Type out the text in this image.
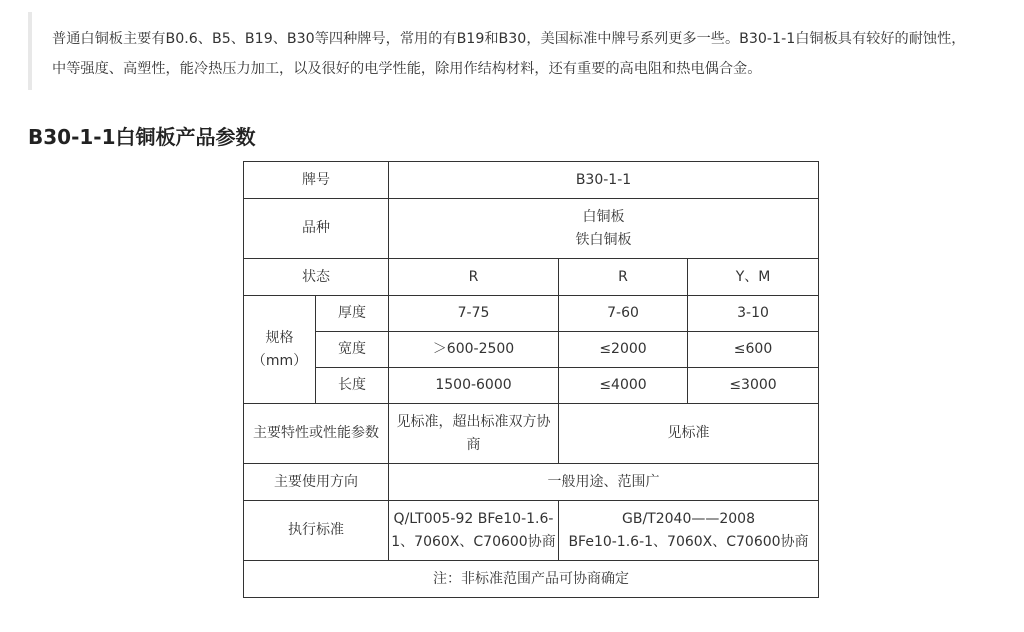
普通白铜板主要有B0.6、B5、B19、B30等四种牌号，常用的有B19和B30，美国标准中牌号系列更多一些。B30-1-1白铜板具有较好的耐蚀性，

中等强度、高塑性，能冷热压力加工，以及很好的电学性能，除用作结构材料，还有重要的高电阻和热电偶合金。

B30-1-1白铜板产品参数
牌号		B30-1-1		
品种		白铜板
铁白铜板		

状态		R	R	Y、M

规格
（mm）	厚度	7-75	7-60	3-10
	宽度	＞600-2500	≤2000	≤600
	长度	1500-6000	≤4000	≤3000
主要特性或性能参数		见标准，超出标准双方协商	见标准	
主要使用方向		一般用途、范围广		
执行标准		Q/LT005-92 BFe10-1.6-1、7060X、C70600协商	GB/T2040——2008
BFe10-1.6-1、7060X、C70600协商	

注：非标准范围产品可协商确定				
